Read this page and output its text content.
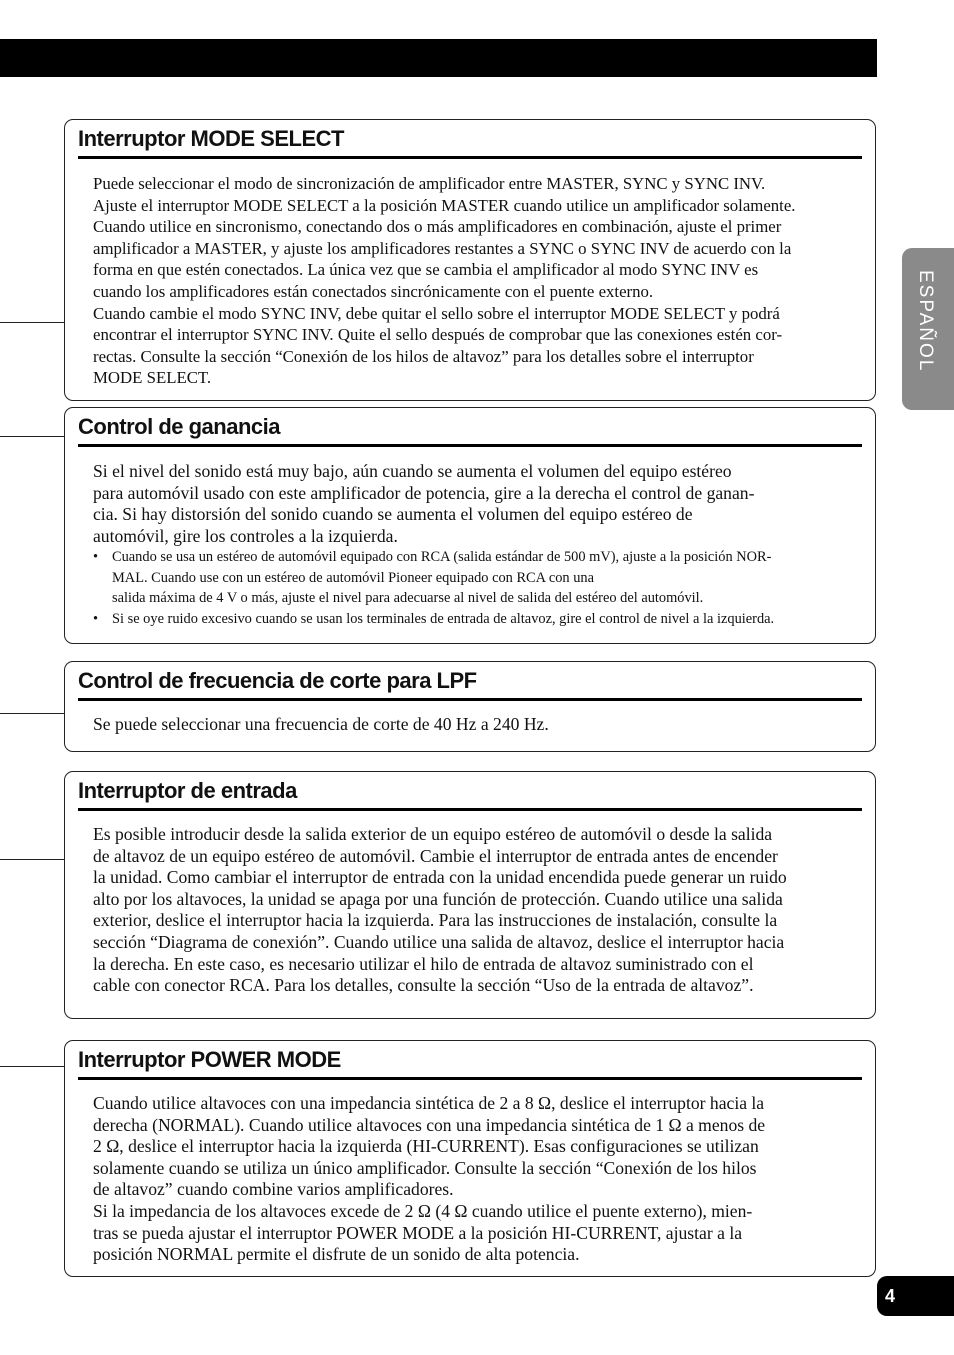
ESPAÑOL
Interruptor MODE SELECT

Puede seleccionar el modo de sincronización de amplificador entre MASTER, SYNC y SYNC INV.
Ajuste el interruptor MODE SELECT a la posición MASTER cuando utilice un amplificador solamente.
Cuando utilice en sincronismo, conectando dos o más amplificadores en combinación, ajuste el primer
amplificador a MASTER, y ajuste los amplificadores restantes a SYNC o SYNC INV de acuerdo con la
forma en que estén conectados. La única vez que se cambia el amplificador al modo SYNC INV es
cuando los amplificadores están conectados sincrónicamente con el puente externo.
Cuando cambie el modo SYNC INV, debe quitar el sello sobre el interruptor MODE SELECT y podrá
encontrar el interruptor SYNC INV. Quite el sello después de comprobar que las conexiones estén cor-
rectas. Consulte la sección “Conexión de los hilos de altavoz” para los detalles sobre el interruptor
MODE SELECT.

Control de ganancia

Si el nivel del sonido está muy bajo, aún cuando se aumenta el volumen del equipo estéreo
para automóvil usado con este amplificador de potencia, gire a la derecha el control de ganan-
cia. Si hay distorsión del sonido cuando se aumenta el volumen del equipo estéreo de
automóvil, gire los controles a la izquierda.

• Cuando se usa un estéreo de automóvil equipado con RCA (salida estándar de 500 mV), ajuste a la posición NOR-
MAL. Cuando use con un estéreo de automóvil Pioneer equipado con RCA con una
salida máxima de 4 V o más, ajuste el nivel para adecuarse al nivel de salida del estéreo del automóvil.
• Si se oye ruido excesivo cuando se usan los terminales de entrada de altavoz, gire el control de nivel a la izquierda.
Control de frecuencia de corte para LPF

Se puede seleccionar una frecuencia de corte de 40 Hz a 240 Hz.

Interruptor de entrada

Es posible introducir desde la salida exterior de un equipo estéreo de automóvil o desde la salida
de altavoz de un equipo estéreo de automóvil. Cambie el interruptor de entrada antes de encender
la unidad. Como cambiar el interruptor de entrada con la unidad encendida puede generar un ruido
alto por los altavoces, la unidad se apaga por una función de protección. Cuando utilice una salida
exterior, deslice el interruptor hacia la izquierda. Para las instrucciones de instalación, consulte la
sección “Diagrama de conexión”. Cuando utilice una salida de altavoz, deslice el interruptor hacia
la derecha. En este caso, es necesario utilizar el hilo de entrada de altavoz suministrado con el
cable con conector RCA. Para los detalles, consulte la sección “Uso de la entrada de altavoz”.

Interruptor POWER MODE

Cuando utilice altavoces con una impedancia sintética de 2 a 8 Ω, deslice el interruptor hacia la
derecha (NORMAL). Cuando utilice altavoces con una impedancia sintética de 1 Ω a menos de
2 Ω, deslice el interruptor hacia la izquierda (HI-CURRENT). Esas configuraciones se utilizan
solamente cuando se utiliza un único amplificador. Consulte la sección “Conexión de los hilos
de altavoz” cuando combine varios amplificadores.
Si la impedancia de los altavoces excede de 2 Ω (4 Ω cuando utilice el puente externo), mien-
tras se pueda ajustar el interruptor POWER MODE a la posición HI-CURRENT, ajustar a la
posición NORMAL permite el disfrute de un sonido de alta potencia.

4
